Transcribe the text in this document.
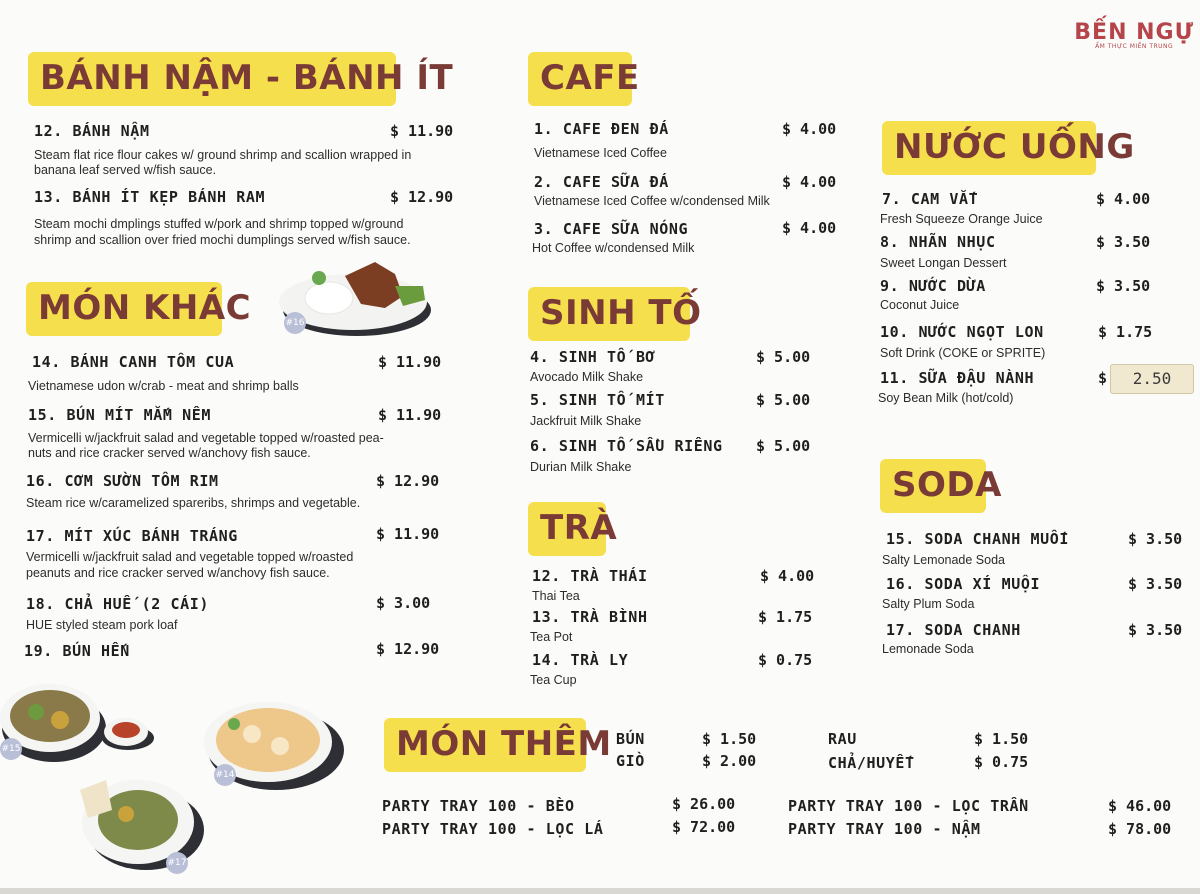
BẾN NGỰ
ẨM THỰC MIỀN TRUNG
BÁNH NẬM - BÁNH ÍT
12. BÁNH NẬM	$ 11.90
Steam flat rice flour cakes w/ ground shrimp and scallion wrapped in
banana leaf served w/fish sauce.
13. BÁNH ÍT KẸP BÁNH RAM	$ 12.90
Steam mochi dmplings stuffed w/pork and shrimp topped w/ground
shrimp and scallion over fried mochi dumplings served w/fish sauce.
MÓN KHÁC	#16
14. BÁNH CANH TÔM CUA	$ 11.90
Vietnamese udon w/crab - meat and shrimp balls
15. BÚN MÍT MẮM NÊM	$ 11.90
Vermicelli w/jackfruit salad and vegetable topped w/roasted pea-
nuts and rice cracker served w/anchovy fish sauce.
16. CƠM SƯỜN TÔM RIM	$ 12.90
Steam rice w/caramelized spareribs, shrimps and vegetable.
17. MÍT XÚC BÁNH TRÁNG	$ 11.90
Vermicelli w/jackfruit salad and vegetable topped w/roasted
peanuts and rice cracker served w/anchovy fish sauce.
18. CHẢ HUẾ (2 CÁI)	$ 3.00
HUE styled steam pork loaf
19. BÚN HẾN	$ 12.90
#15
#14
#17
CAFE
1. CAFE ĐEN ĐÁ	$ 4.00
Vietnamese Iced Coffee
2. CAFE SỮA ĐÁ	$ 4.00
Vietnamese Iced Coffee w/condensed Milk
3. CAFE SỮA NÓNG	$ 4.00
Hot Coffee w/condensed Milk
SINH TỐ
4. SINH TỐ BƠ	$ 5.00
Avocado Milk Shake
5. SINH TỐ MÍT	$ 5.00
Jackfruit Milk Shake
6. SINH TỐ SẦU RIÊNG $ 5.00
Durian Milk Shake
TRÀ
12. TRÀ THÁI	$ 4.00
Thai Tea
13. TRÀ BÌNH	$ 1.75
Tea Pot
14. TRÀ LY	$ 0.75
Tea Cup
NƯỚC UỐNG
7. CAM VẮT	$ 4.00
Fresh Squeeze Orange Juice
8. NHÃN NHỤC	$ 3.50
Sweet Longan Dessert
9. NƯỚC DỪA	$ 3.50
Coconut Juice
10. NƯỚC NGỌT LON	$ 1.75
Soft Drink (COKE or SPRITE)
11. SỮA ĐẬU NÀNH	$	2.50
Soy Bean Milk (hot/cold)
SODA
15. SODA CHANH MUỐI	$ 3.50
Salty Lemonade Soda
16. SODA XÍ MUỘI	$ 3.50
Salty Plum Soda
17. SODA CHANH	$ 3.50
Lemonade Soda
MÓN THÊM BÚN	$ 1.50
GIÒ	$ 2.00
RAU	$ 1.50
CHẢ/HUYẾT	$ 0.75
PARTY TRAY 100 - BÈO	$ 26.00
PARTY TRAY 100 - LỌC LÁ	$ 72.00
PARTY TRAY 100 - LỌC TRẦN	$ 46.00
PARTY TRAY 100 - NẬM	$ 78.00
